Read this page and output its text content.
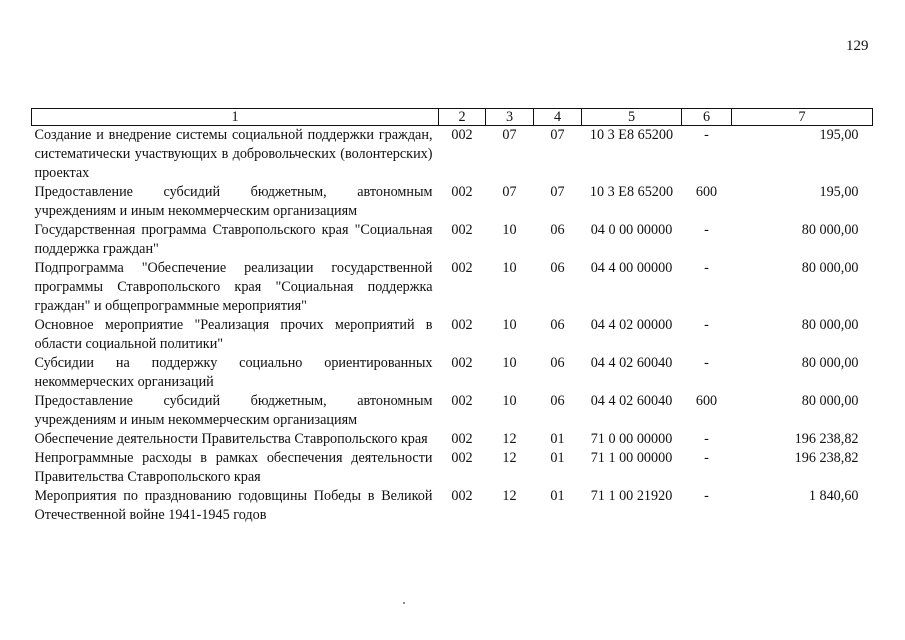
129
1	2	3	4	5	6	7
Создание и внедрение системы социальной поддержки граждан, систематически участвующих в добровольческих (волонтерских) проектах	002	07	07	10 3 E8 65200	-	195,00
Предоставление субсидий бюджетным, автономным учреждениям и иным некоммерческим организациям	002	07	07	10 3 E8 65200	600	195,00
Государственная программа Ставропольского края "Социальная поддержка граждан"	002	10	06	04 0 00 00000	-	80 000,00
Подпрограмма "Обеспечение реализации государственной программы Ставропольского края "Социальная поддержка граждан" и общепрограммные мероприятия"	002	10	06	04 4 00 00000	-	80 000,00
Основное мероприятие "Реализация прочих мероприятий в области социальной политики"	002	10	06	04 4 02 00000	-	80 000,00
Субсидии на поддержку социально ориентированных некоммерческих организаций	002	10	06	04 4 02 60040	-	80 000,00
Предоставление субсидий бюджетным, автономным учреждениям и иным некоммерческим организациям	002	10	06	04 4 02 60040	600	80 000,00
Обеспечение деятельности Правительства Ставропольского края	002	12	01	71 0 00 00000	-	196 238,82
Непрограммные расходы в рамках обеспечения деятельности Правительства Ставропольского края	002	12	01	71 1 00 00000	-	196 238,82
Мероприятия по празднованию годовщины Победы в Великой Отечественной войне 1941-1945 годов	002	12	01	71 1 00 21920	-	1 840,60
